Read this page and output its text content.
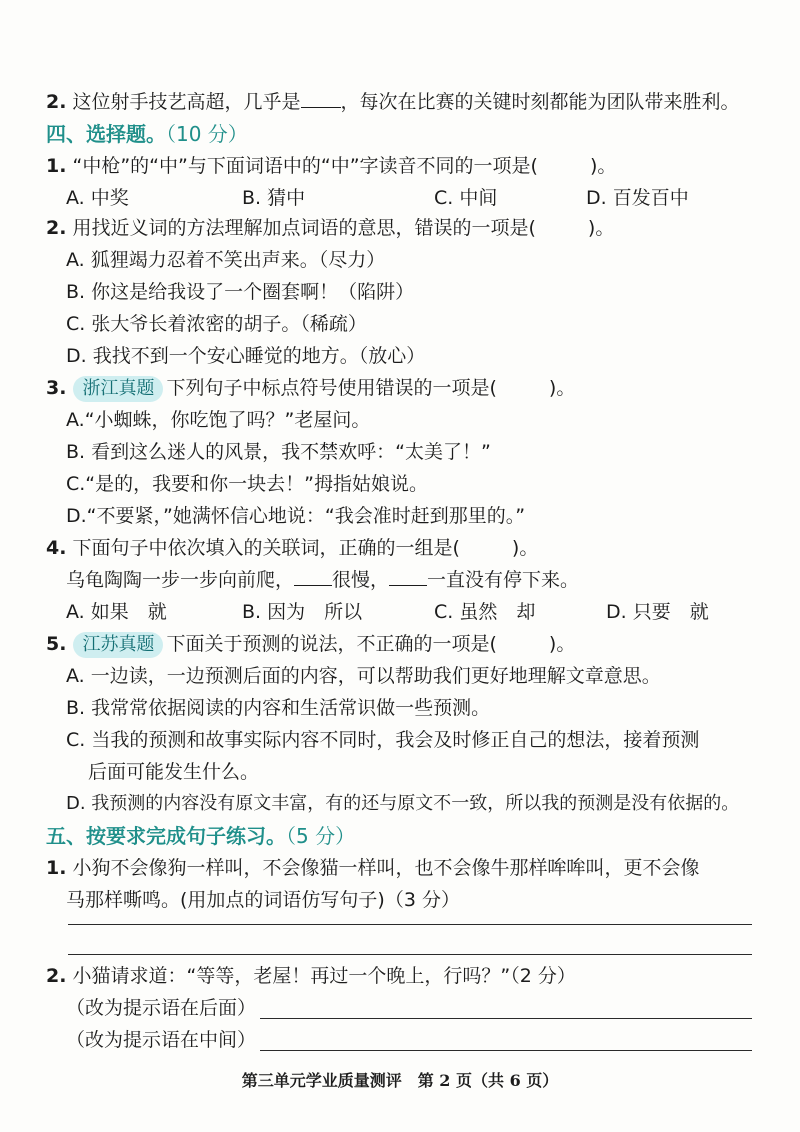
2. 这位射手技艺高超，几乎是 ，每次在比赛的关键时刻都能为团队带来胜利。
四、选择题。（10 分）
1. “中枪”的“中”与下面词语中的“中”字读音不同的一项是(	)。
A. 中奖	B. 猜中	C. 中间	D. 百发百中
2. 用找近义词的方法理解加点词语的意思，错误的一项是(	)。
A. 狐狸竭力忍着不笑出声来。（尽力）
B. 你这是给我设了一个圈套啊！（陷阱）
C. 张大爷长着浓密的胡子。（稀疏）
D. 我找不到一个安心睡觉的地方。（放心）
3. 浙江真题 下列句子中标点符号使用错误的一项是(	)。
A.“小蜘蛛，你吃饱了吗？”老屋问。
B. 看到这么迷人的风景，我不禁欢呼：“太美了！”
C.“是的，我要和你一块去！”拇指姑娘说。
D.“不要紧，”她满怀信心地说：“我会准时赶到那里的。”
4. 下面句子中依次填入的关联词，正确的一组是(	)。
乌龟陶陶一步一步向前爬， 很慢， 一直没有停下来。
A. 如果　就	B. 因为　所以	C. 虽然　却	D. 只要　就
5. 江苏真题 下面关于预测的说法，不正确的一项是(	)。
A. 一边读，一边预测后面的内容，可以帮助我们更好地理解文章意思。
B. 我常常依据阅读的内容和生活常识做一些预测。
C. 当我的预测和故事实际内容不同时，我会及时修正自己的想法，接着预测
后面可能发生什么。
D. 我预测的内容没有原文丰富，有的还与原文不一致，所以我的预测是没有依据的。
五、按要求完成句子练习。（5 分）
1. 小狗不会像狗一样叫，不会像猫一样叫，也不会像牛那样哞哞叫，更不会像
马那样嘶鸣。(用加点的词语仿写句子)（3 分）
2. 小猫请求道：“等等，老屋！再过一个晚上，行吗？”（2 分）
（改为提示语在后面）
（改为提示语在中间）
第三单元学业质量测评　 第 2 页（共 6 页）
